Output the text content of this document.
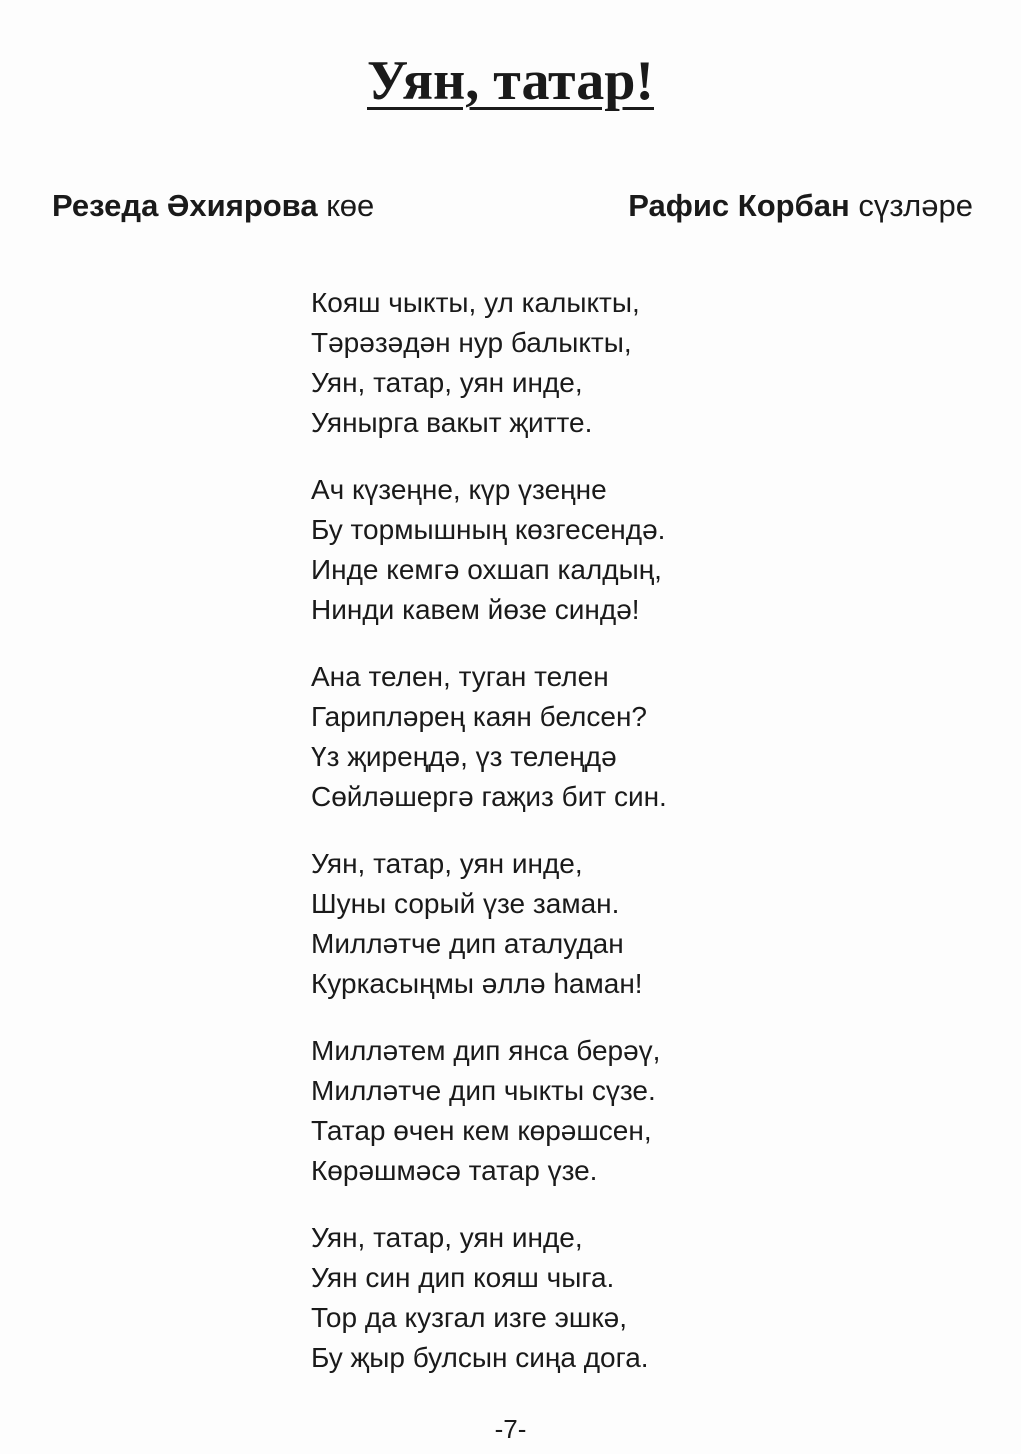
Уян, татар!
Резеда Әхиярова көе	Рафис Корбан сүзләре
Кояш чыкты, ул калыкты,
Тәрәзәдән нур балыкты,
Уян, татар, уян инде,
Уянырга вакыт җитте.
Ач күзеңне, күр үзеңне
Бу тормышның көзгесендә.
Инде кемгә охшап калдың,
Нинди кавем йөзе синдә!
Ана телен, туган телен
Гарипләрең каян белсен?
Үз җиреңдә, үз телеңдә
Сөйләшергә гаҗиз бит син.
Уян, татар, уян инде,
Шуны сорый үзе заман.
Милләтче дип аталудан
Куркасыңмы әллә һаман!
Милләтем дип янса берәү,
Милләтче дип чыкты сүзе.
Татар өчен кем көрәшсен,
Көрәшмәсә татар үзе.
Уян, татар, уян инде,
Уян син дип кояш чыга.
Тор да кузгал изге эшкә,
Бу җыр булсын сиңа дога.
-7-
